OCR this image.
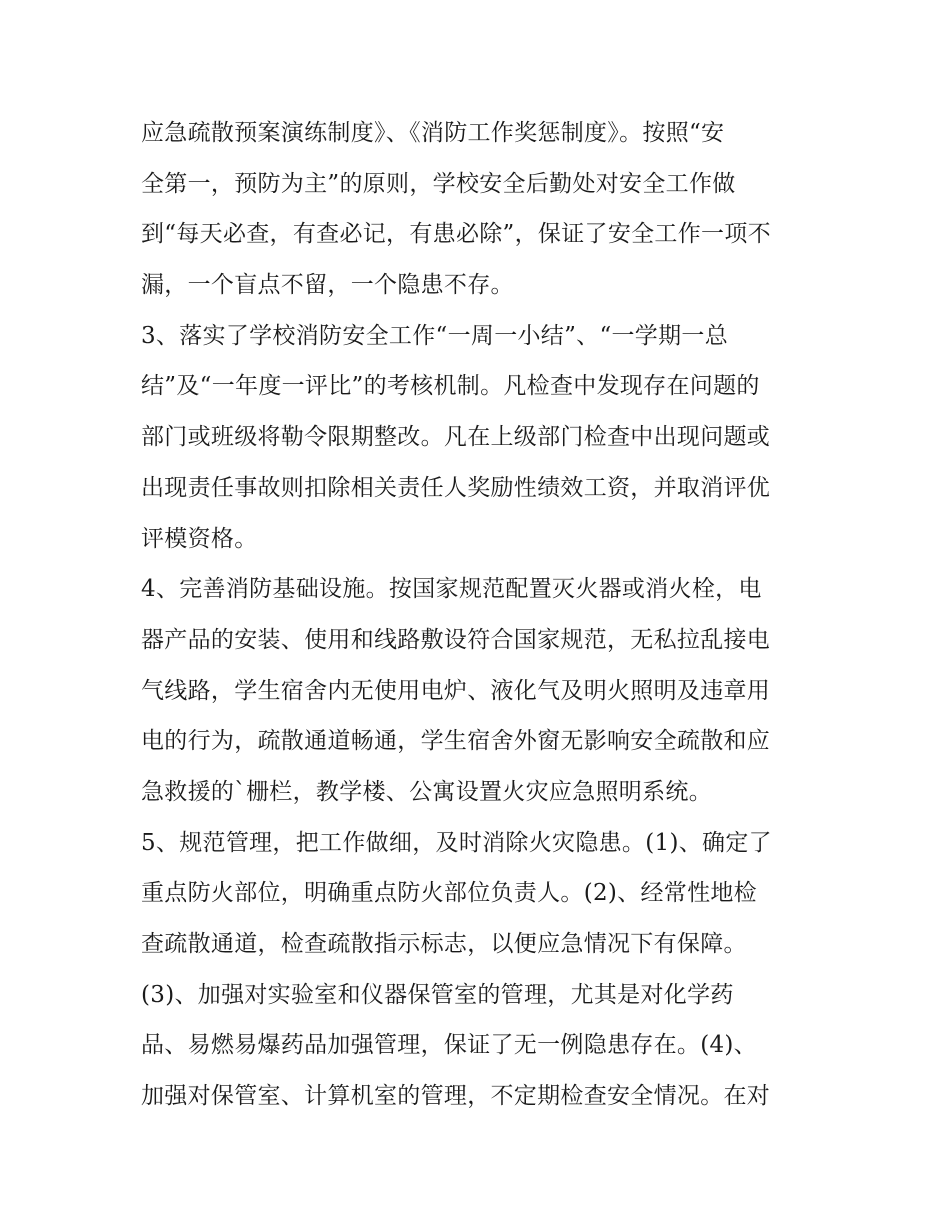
应急疏散预案演练制度》、《消防工作奖惩制度》。按照“安
全第一，预防为主”的原则，学校安全后勤处对安全工作做
到“每天必查，有查必记，有患必除”，保证了安全工作一项不
漏，一个盲点不留，一个隐患不存。
3、落实了学校消防安全工作“一周一小结”、“一学期一总
结”及“一年度一评比”的考核机制。凡检查中发现存在问题的
部门或班级将勒令限期整改。凡在上级部门检查中出现问题或
出现责任事故则扣除相关责任人奖励性绩效工资，并取消评优
评模资格。
4、完善消防基础设施。按国家规范配置灭火器或消火栓，电
器产品的安装、使用和线路敷设符合国家规范，无私拉乱接电
气线路，学生宿舍内无使用电炉、液化气及明火照明及违章用
电的行为，疏散通道畅通，学生宿舍外窗无影响安全疏散和应
急救援的`栅栏，教学楼、公寓设置火灾应急照明系统。
5、规范管理，把工作做细，及时消除火灾隐患。(1)、确定了
重点防火部位，明确重点防火部位负责人。(2)、经常性地检
查疏散通道，检查疏散指示标志，以便应急情况下有保障。
(3)、加强对实验室和仪器保管室的管理，尤其是对化学药
品、易燃易爆药品加强管理，保证了无一例隐患存在。(4)、
加强对保管室、计算机室的管理，不定期检查安全情况。在对
